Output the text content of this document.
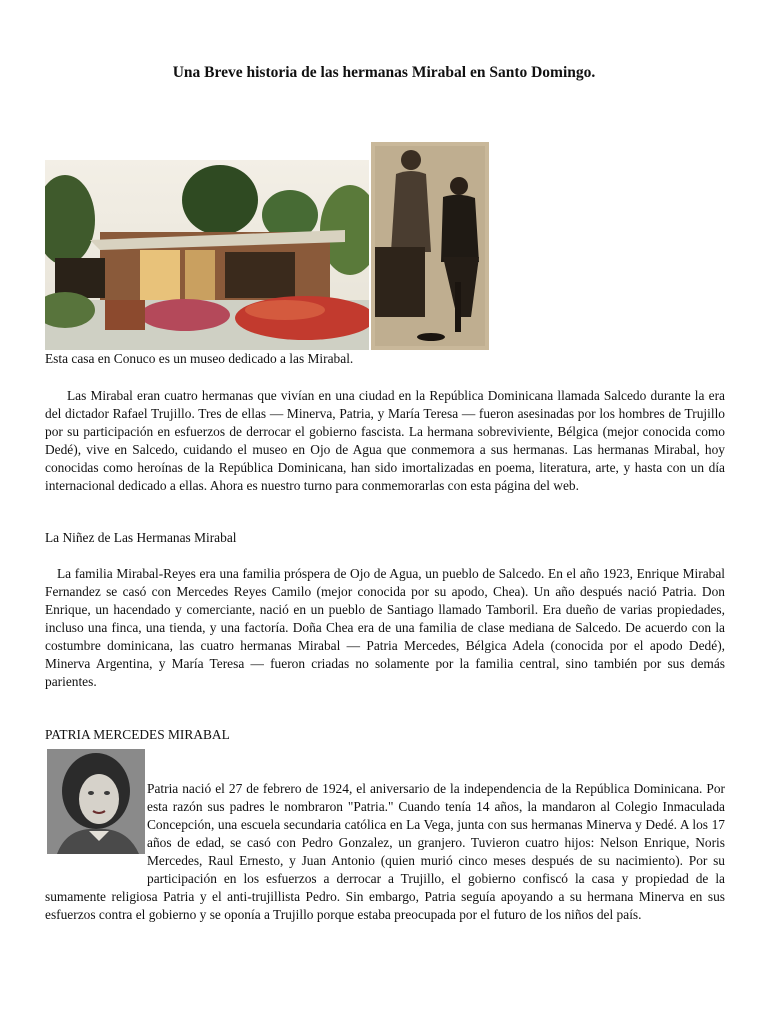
Una Breve historia de las hermanas Mirabal en Santo Domingo.
Esta casa en Conuco es un museo dedicado a las Mirabal.
Las Mirabal eran cuatro hermanas que vivían en una ciudad en la República Dominicana llamada Salcedo durante la era del dictador Rafael Trujillo. Tres de ellas — Minerva, Patria, y María Teresa — fueron asesinadas por los hombres de Trujillo por su participación en esfuerzos de derrocar el gobierno fascista. La hermana sobreviviente, Bélgica (mejor conocida como Dedé), vive en Salcedo, cuidando el museo en Ojo de Agua que conmemora a sus hermanas. Las hermanas Mirabal, hoy conocidas como heroínas de la República Dominicana, han sido imortalizadas en poema, literatura, arte, y hasta con un día internacional dedicado a ellas. Ahora es nuestro turno para conmemorarlas con esta página del web.
La Niñez de Las Hermanas Mirabal
La familia Mirabal-Reyes era una familia próspera de Ojo de Agua, un pueblo de Salcedo. En el año 1923, Enrique Mirabal Fernandez se casó con Mercedes Reyes Camilo (mejor conocida por su apodo, Chea). Un año después nació Patria. Don Enrique, un hacendado y comerciante, nació en un pueblo de Santiago llamado Tamboril. Era dueño de varias propiedades, incluso una finca, una tienda, y una factoría. Doña Chea era de una familia de clase mediana de Salcedo. De acuerdo con la costumbre dominicana, las cuatro hermanas Mirabal — Patria Mercedes, Bélgica Adela (conocida por el apodo Dedé), Minerva Argentina, y María Teresa — fueron criadas no solamente por la familia central, sino también por sus demás parientes.
PATRIA MERCEDES MIRABAL
Patria nació el 27 de febrero de 1924, el aniversario de la independencia de la República Dominicana. Por esta razón sus padres le nombraron "Patria." Cuando tenía 14 años, la mandaron al Colegio Inmaculada Concepción, una escuela secundaria católica en La Vega, junta con sus hermanas Minerva y Dedé. A los 17 años de edad, se casó con Pedro Gonzalez, un granjero. Tuvieron cuatro hijos: Nelson Enrique, Noris Mercedes, Raul Ernesto, y Juan Antonio (quien murió cinco meses después de su nacimiento). Por su participación en los esfuerzos a derrocar a Trujillo, el gobierno confiscó la casa y propiedad de la sumamente religiosa Patria y el anti-trujillista Pedro. Sin embargo, Patria seguía apoyando a su hermana Minerva en sus esfuerzos contra el gobierno y se oponía a Trujillo porque estaba preocupada por el futuro de los niños del país.
